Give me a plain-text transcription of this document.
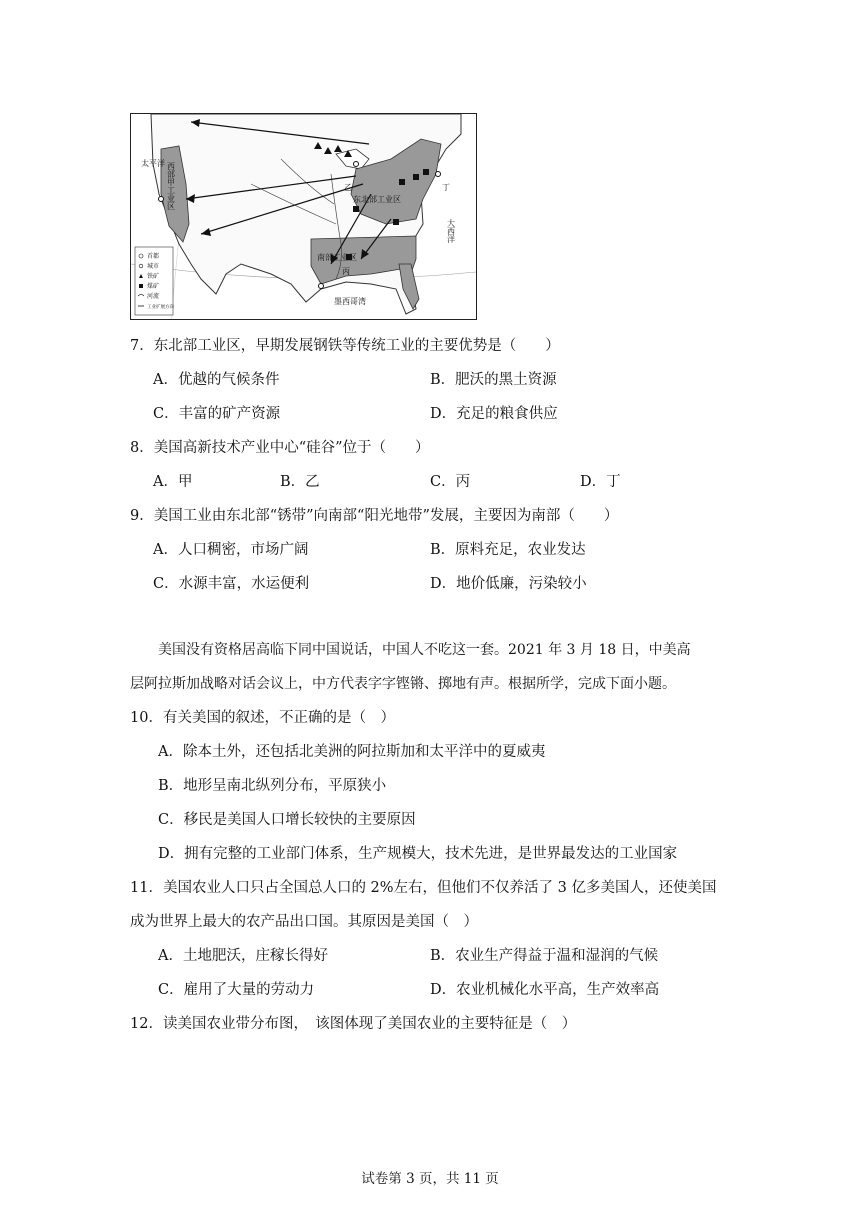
太平洋
大西洋
西部甲工业区	东北部工业区
南部工业区
墨西哥湾
乙
丙
丁
首都
城市
铁矿
煤矿
河流
工业扩展方向
7．东北部工业区，早期发展钢铁等传统工业的主要优势是（　　）
A．优越的气候条件	B．肥沃的黑土资源
C．丰富的矿产资源	D．充足的粮食供应
8．美国高新技术产业中心“硅谷”位于（　　）
A．甲	B．乙	C．丙	D．丁
9．美国工业由东北部“锈带”向南部“阳光地带”发展，主要因为南部（　　）
A．人口稠密，市场广阔	B．原料充足，农业发达
C．水源丰富，水运便利	D．地价低廉，污染较小
美国没有资格居高临下同中国说话，中国人不吃这一套。2021 年 3 月 18 日，中美高
层阿拉斯加战略对话会议上，中方代表字字铿锵、掷地有声。根据所学，完成下面小题。
10．有关美国的叙述，不正确的是（　）
A．除本土外，还包括北美洲的阿拉斯加和太平洋中的夏威夷
B．地形呈南北纵列分布，平原狭小
C．移民是美国人口增长较快的主要原因
D．拥有完整的工业部门体系，生产规模大，技术先进，是世界最发达的工业国家
11．美国农业人口只占全国总人口的 2%左右，但他们不仅养活了 3 亿多美国人，还使美国
成为世界上最大的农产品出口国。其原因是美国（　）
A．土地肥沃，庄稼长得好	B．农业生产得益于温和湿润的气候
C．雇用了大量的劳动力	D．农业机械化水平高，生产效率高
12．读美国农业带分布图，　该图体现了美国农业的主要特征是（　）
试卷第 3 页，共 11 页
